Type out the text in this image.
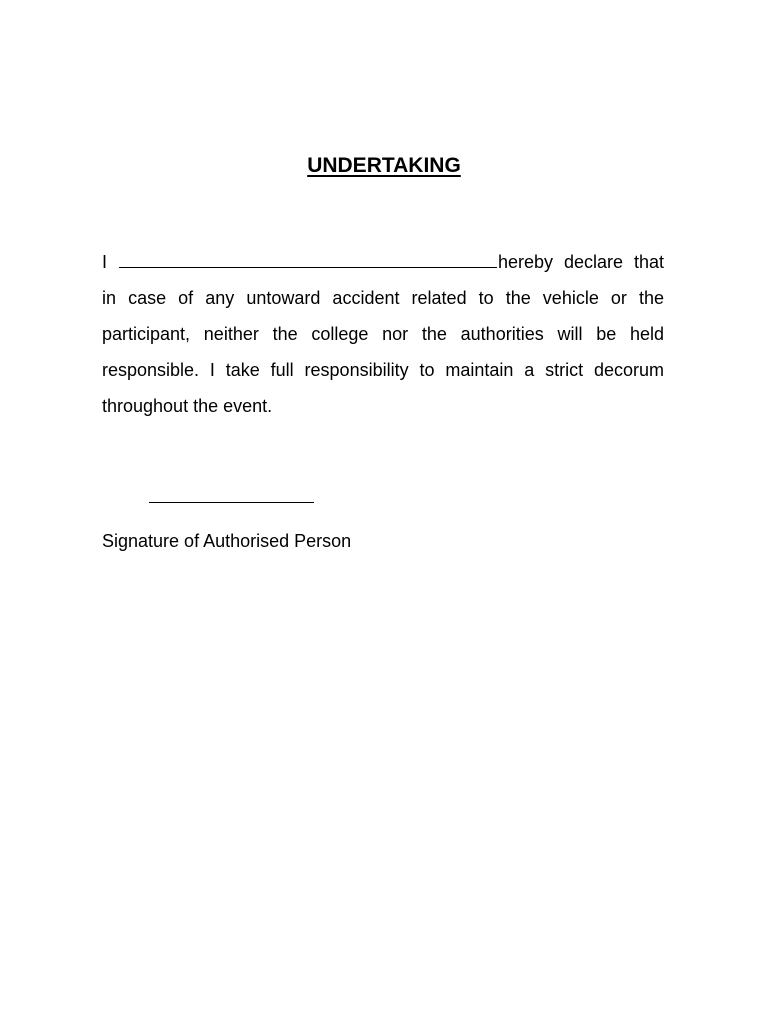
UNDERTAKING
I	hereby declare that
in case of any untoward accident related to the vehicle or the participant, neither the college nor the authorities will be held responsible. I take full responsibility to maintain a strict decorum throughout the event.
Signature of Authorised Person
